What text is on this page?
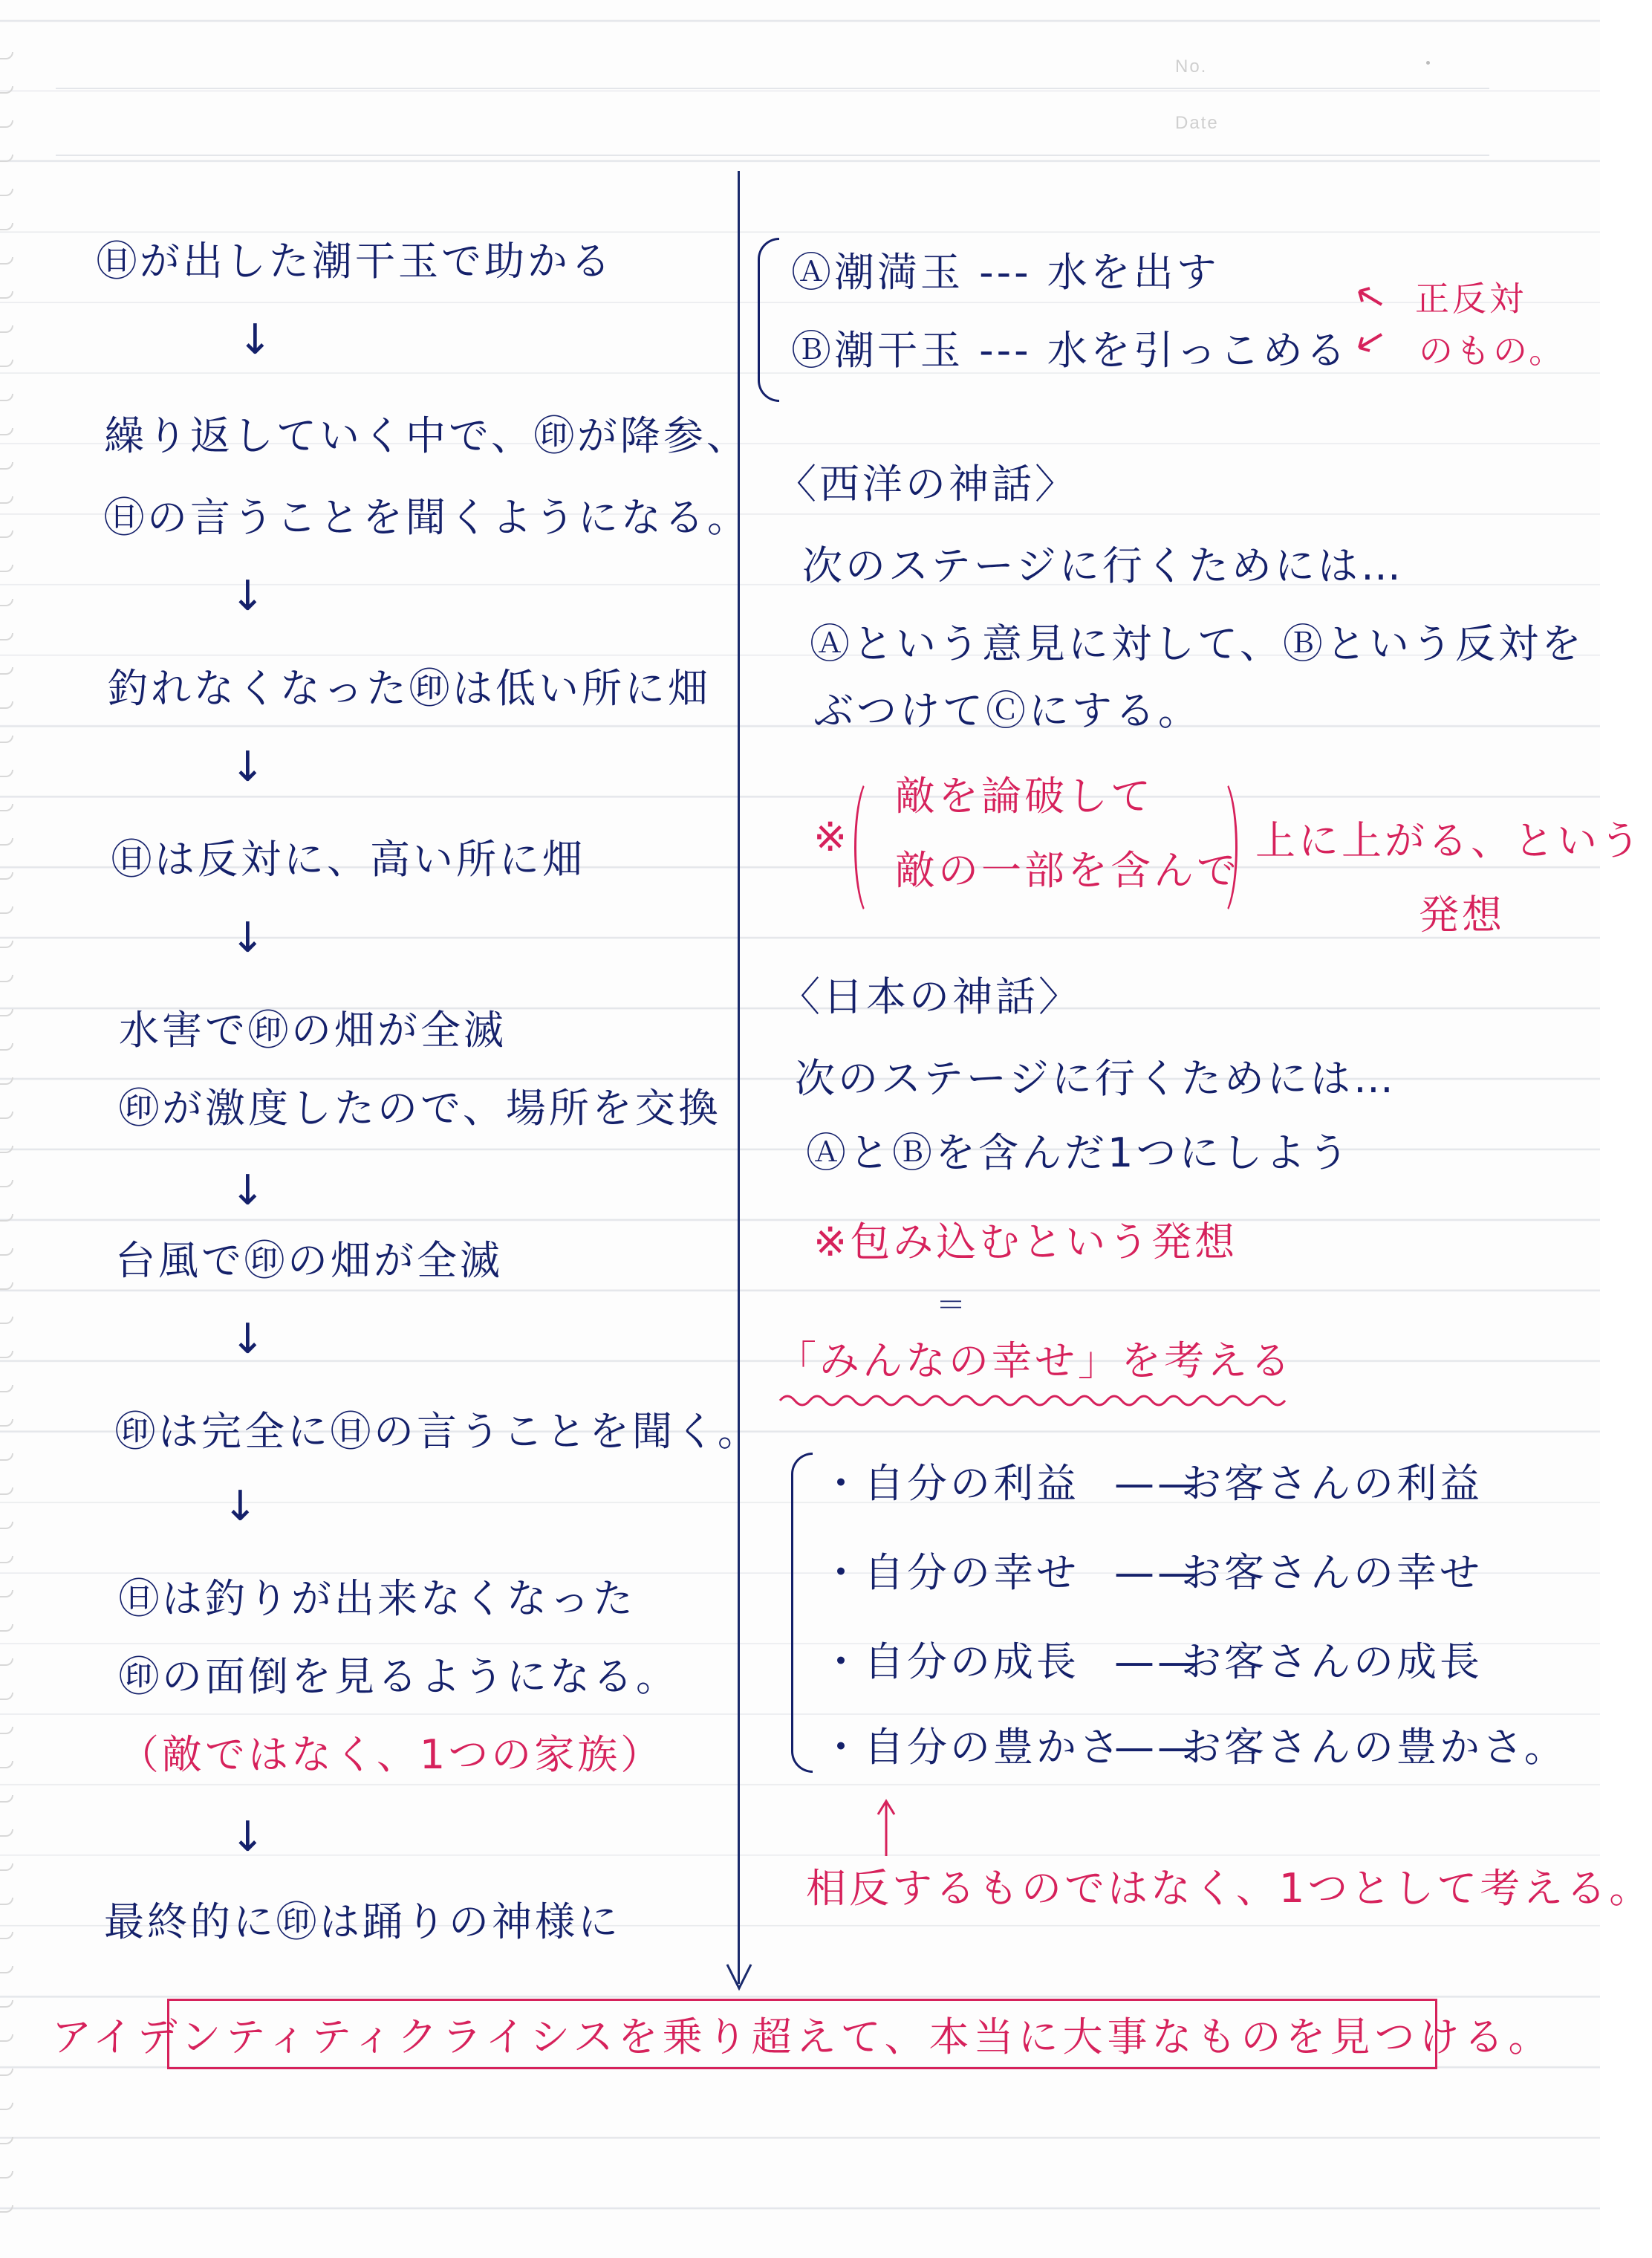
No.
Date
㊐が出した潮干玉で助かる
↓
繰り返していく中で、㊞が降参、
㊐の言うことを聞くようになる。
↓
釣れなくなった㊞は低い所に畑
↓
㊐は反対に、高い所に畑
↓
水害で㊞の畑が全滅
㊞が激度したので、場所を交換
↓
台風で㊞の畑が全滅
↓
㊞は完全に㊐の言うことを聞く。
↓
㊐は釣りが出来なくなった
㊞の面倒を見るようになる。
（敵ではなく、1つの家族）
↓
最終的に㊞は踊りの神様に
Ⓐ潮満玉 --- 水を出す
Ⓑ潮干玉 --- 水を引っこめる
正反対
のもの。
〈西洋の神話〉
次のステージに行くためには…
Ⓐという意見に対して、Ⓑという反対を
ぶつけてⒸにする。
※
敵を論破して
敵の一部を含んで
上に上がる、という
発想
〈日本の神話〉
次のステージに行くためには…
ⒶとⒷを含んだ1つにしよう
※包み込むという発想
＝
「みんなの幸せ」を考える
・自分の利益 ——
お客さんの利益
・自分の幸せ ——
お客さんの幸せ
・自分の成長 ——
お客さんの成長
・自分の豊かさ
——
お客さんの豊かさ。
相反するものではなく、1つとして考える。
アイデンティティクライシスを乗り超えて、本当に大事なものを見つける。
